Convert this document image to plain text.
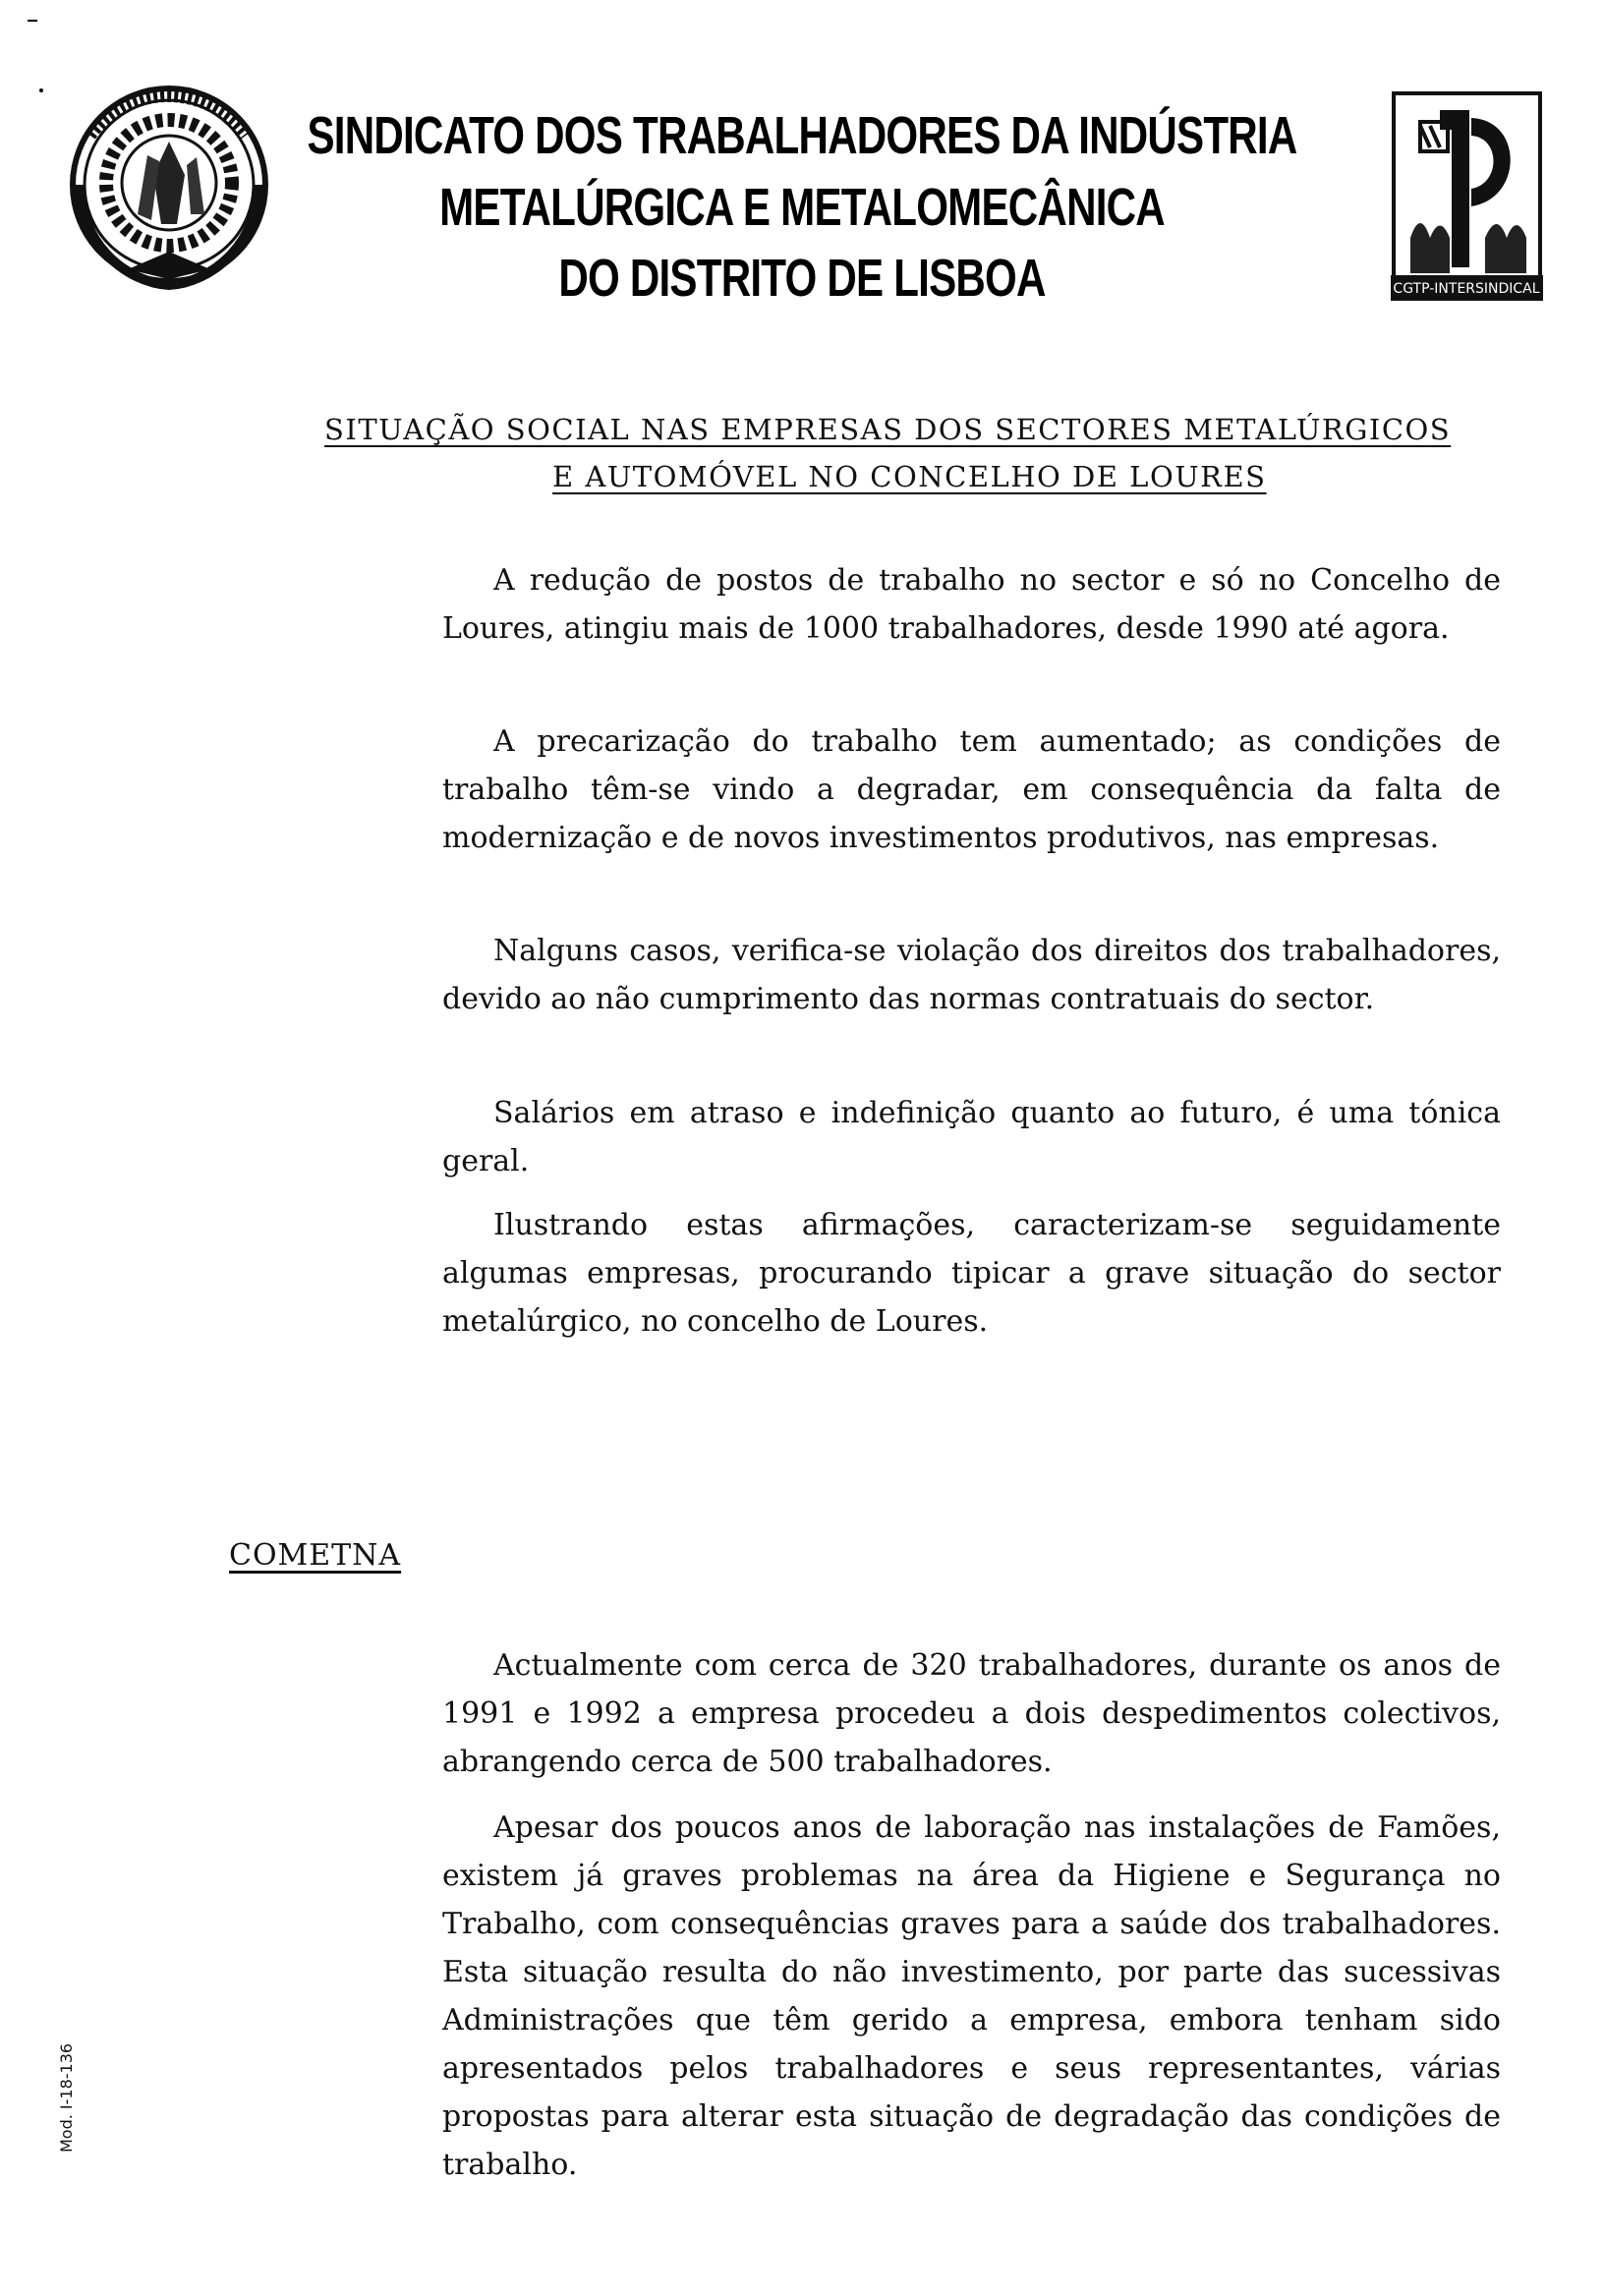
SINDICATO DOS TRABALHADORES DA INDÚSTRIA
METALÚRGICA E METALOMECÂNICA
DO DISTRITO DE LISBOA	CGTP-INTERSINDICAL
SITUAÇÃO SOCIAL NAS EMPRESAS DOS SECTORES METALÚRGICOS
E AUTOMÓVEL NO CONCELHO DE LOURES

A redução de postos de trabalho no sector e só no Concelho de Loures, atingiu mais de 1000 trabalhadores, desde 1990 até agora.

A precarização do trabalho tem aumentado; as condições de trabalho têm-se vindo a degradar, em consequência da falta de modernização e de novos investimentos produtivos, nas empresas.

Nalguns casos, verifica-se violação dos direitos dos trabalhadores, devido ao não cumprimento das normas contratuais do sector.

Salários em atraso e indefinição quanto ao futuro, é uma tónica geral.

Ilustrando estas afirmações, caracterizam-se seguidamente algumas empresas, procurando tipicar a grave situação do sector metalúrgico, no concelho de Loures.

COMETNA

Actualmente com cerca de 320 trabalhadores, durante os anos de 1991 e 1992 a empresa procedeu a dois despedimentos colectivos, abrangendo cerca de 500 trabalhadores.

Apesar dos poucos anos de laboração nas instalações de Famões, existem já graves problemas na área da Higiene e Segurança no Trabalho, com consequências graves para a saúde dos trabalhadores. Esta situação resulta do não investimento, por parte das sucessivas Administrações que têm gerido a empresa, embora tenham sido apresentados pelos trabalhadores e seus representantes, várias propostas para alterar esta situação de degradação das condições de trabalho.

Mod. I-18-136
